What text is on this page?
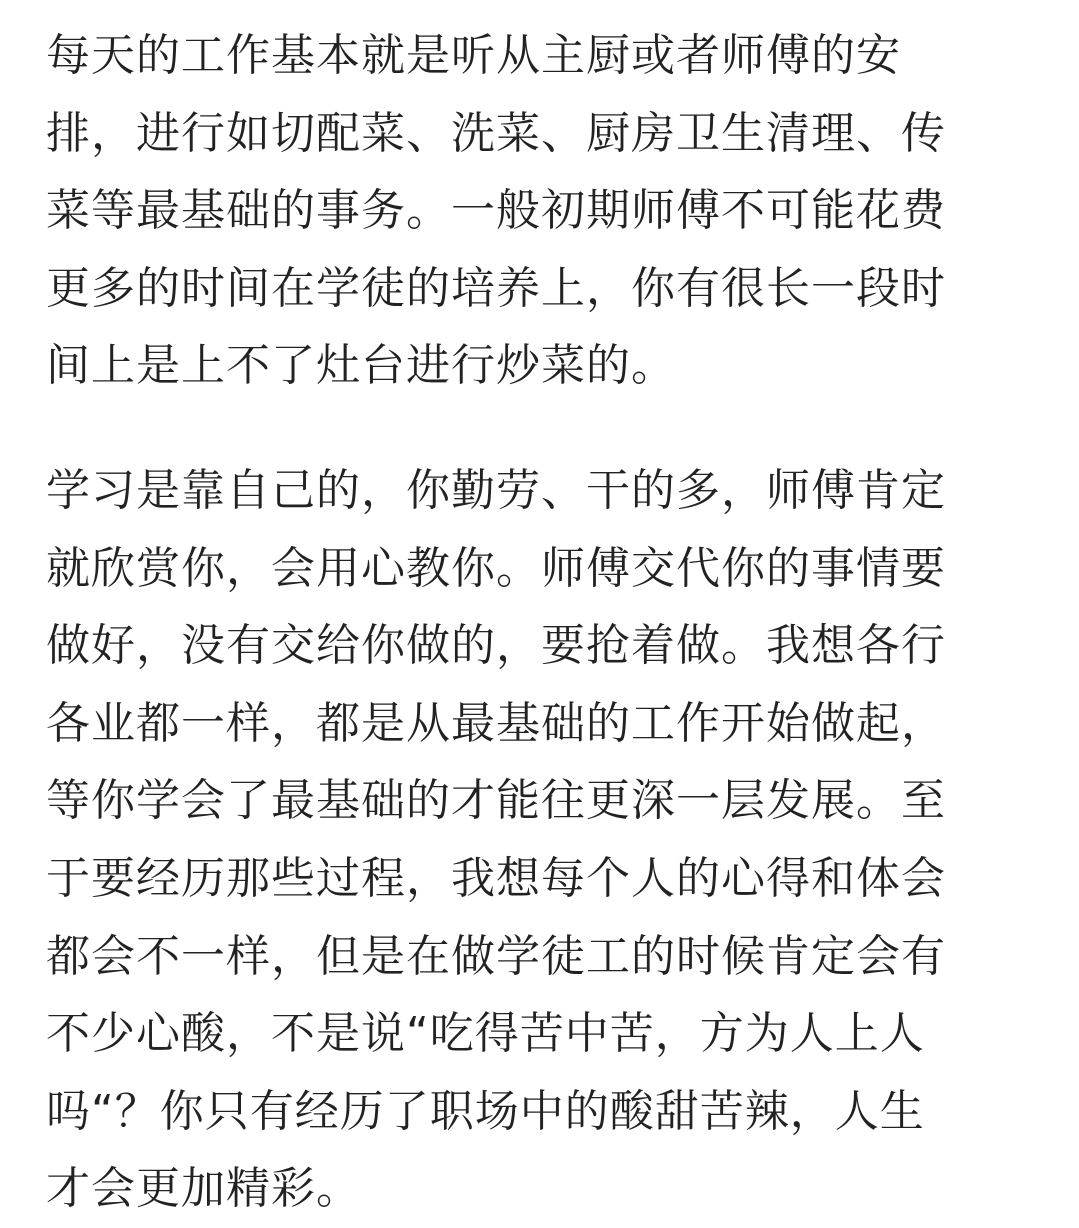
每天的工作基本就是听从主厨或者师傅的安
排，进行如切配菜、洗菜、厨房卫生清理、传
菜等最基础的事务。一般初期师傅不可能花费
更多的时间在学徒的培养上，你有很长一段时
间上是上不了灶台进行炒菜的。
学习是靠自己的，你勤劳、干的多，师傅肯定
就欣赏你，会用心教你。师傅交代你的事情要
做好，没有交给你做的，要抢着做。我想各行
各业都一样，都是从最基础的工作开始做起，
等你学会了最基础的才能往更深一层发展。至
于要经历那些过程，我想每个人的心得和体会
都会不一样，但是在做学徒工的时候肯定会有
不少心酸，不是说“吃得苦中苦，方为人上人
吗“？你只有经历了职场中的酸甜苦辣，人生
才会更加精彩。
